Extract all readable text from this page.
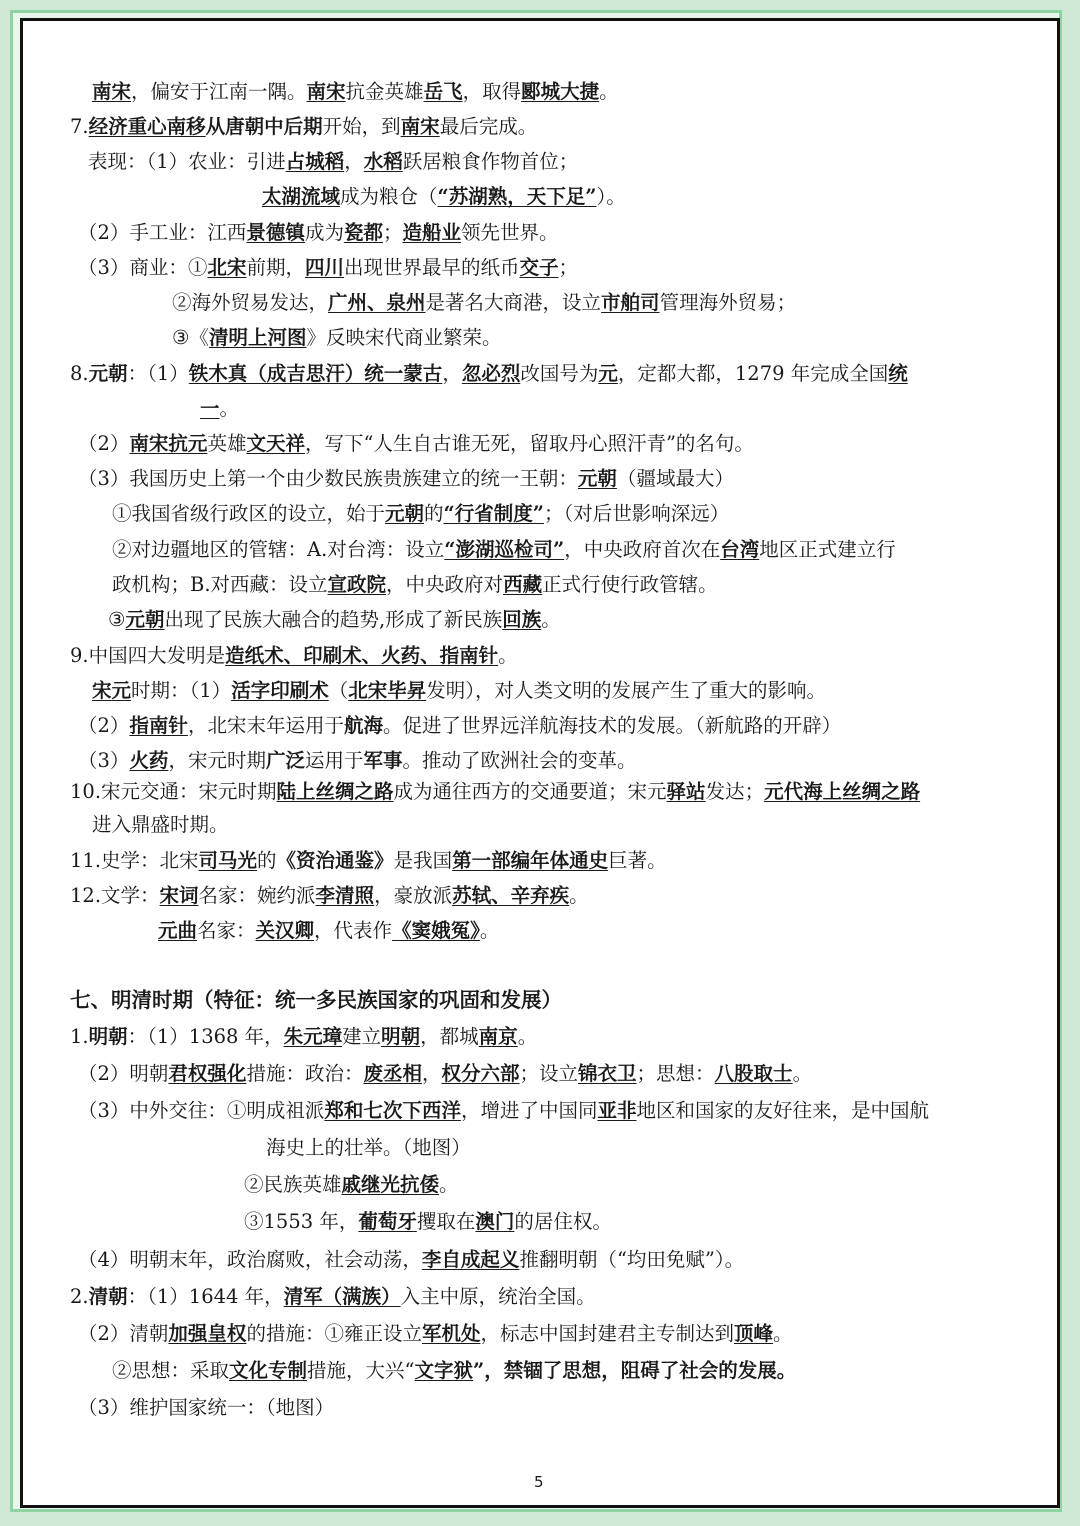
南宋，偏安于江南一隅。南宋抗金英雄岳飞，取得郾城大捷。
7.经济重心南移从唐朝中后期开始，到南宋最后完成。
表现：（1）农业：引进占城稻，水稻跃居粮食作物首位；
太湖流域成为粮仓（“苏湖熟，天下足”）。
（2）手工业：江西景德镇成为瓷都；造船业领先世界。
（3）商业：①北宋前期，四川出现世界最早的纸币交子；
②海外贸易发达，广州、泉州是著名大商港，设立市舶司管理海外贸易；
③《清明上河图》反映宋代商业繁荣。
8.元朝：（1）铁木真（成吉思汗）统一蒙古，忽必烈改国号为元，定都大都，1279 年完成全国统
一。
（2）南宋抗元英雄文天祥，写下“人生自古谁无死，留取丹心照汗青”的名句。
（3）我国历史上第一个由少数民族贵族建立的统一王朝：元朝（疆域最大）
①我国省级行政区的设立，始于元朝的“行省制度”；（对后世影响深远）
②对边疆地区的管辖：A.对台湾：设立“澎湖巡检司”，中央政府首次在台湾地区正式建立行
政机构；B.对西藏：设立宣政院，中央政府对西藏正式行使行政管辖。
③元朝出现了民族大融合的趋势,形成了新民族回族。
9.中国四大发明是造纸术、印刷术、火药、指南针。
宋元时期：（1）活字印刷术（北宋毕昇发明），对人类文明的发展产生了重大的影响。
（2）指南针，北宋末年运用于航海。促进了世界远洋航海技术的发展。（新航路的开辟）
（3）火药，宋元时期广泛运用于军事。推动了欧洲社会的变革。
10.宋元交通：宋元时期陆上丝绸之路成为通往西方的交通要道；宋元驿站发达；元代海上丝绸之路
进入鼎盛时期。
11.史学：北宋司马光的《资治通鉴》是我国第一部编年体通史巨著。
12.文学：宋词名家：婉约派李清照，豪放派苏轼、辛弃疾。
元曲名家：关汉卿，代表作《窦娥冤》。
七、明清时期（特征：统一多民族国家的巩固和发展）
1.明朝：（1）1368 年，朱元璋建立明朝，都城南京。
（2）明朝君权强化措施：政治：废丞相，权分六部；设立锦衣卫；思想：八股取士。
（3）中外交往：①明成祖派郑和七次下西洋，增进了中国同亚非地区和国家的友好往来，是中国航
海史上的壮举。（地图）
②民族英雄戚继光抗倭。
③1553 年，葡萄牙攫取在澳门的居住权。
（4）明朝末年，政治腐败，社会动荡，李自成起义推翻明朝（“均田免赋”）。
2.清朝：（1）1644 年，清军（满族）入主中原，统治全国。
（2）清朝加强皇权的措施：①雍正设立军机处，标志中国封建君主专制达到顶峰。
②思想：采取文化专制措施，大兴“文字狱”，禁锢了思想，阻碍了社会的发展。
（3）维护国家统一：（地图）
5
